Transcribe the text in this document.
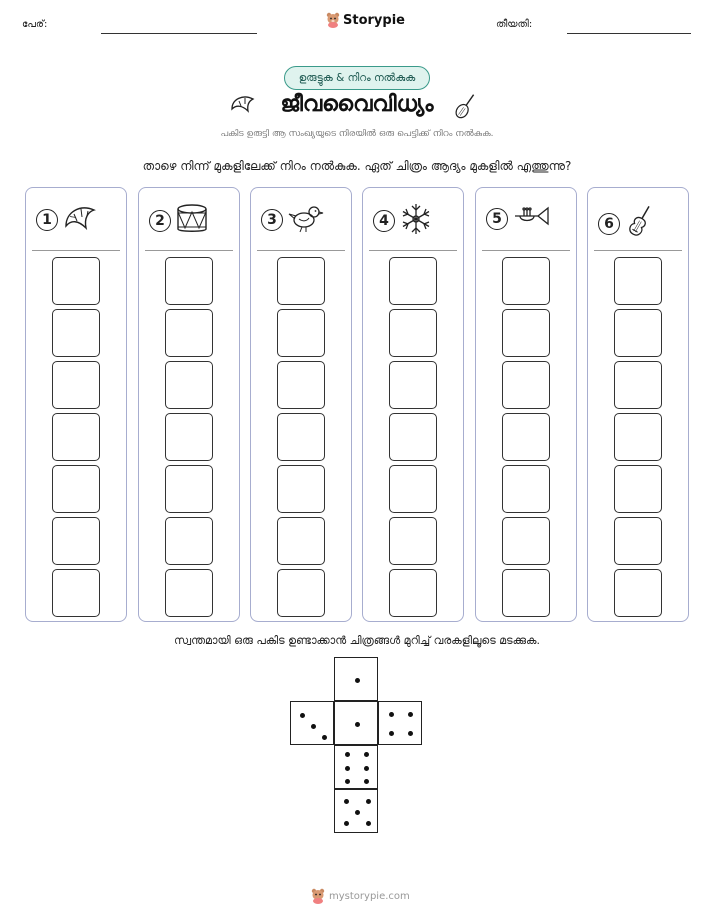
പേര്:	Storypie	തീയതി:
ഉരുട്ടുക & നിറം നൽകുക
ജീവവൈവിധ്യം
പകിട ഉരുട്ടി ആ സംഖ്യയുടെ നിരയിൽ ഒരു പെട്ടിക്ക് നിറം നൽകുക.
താഴെ നിന്ന് മുകളിലേക്ക് നിറം നൽകുക. ഏത് ചിത്രം ആദ്യം മുകളിൽ എത്തുന്നു?
1	2	3	4	5	6
സ്വന്തമായി ഒരു പകിട ഉണ്ടാക്കാൻ ചിത്രങ്ങൾ മുറിച്ച് വരകളിലൂടെ മടക്കുക.
mystorypie.com
